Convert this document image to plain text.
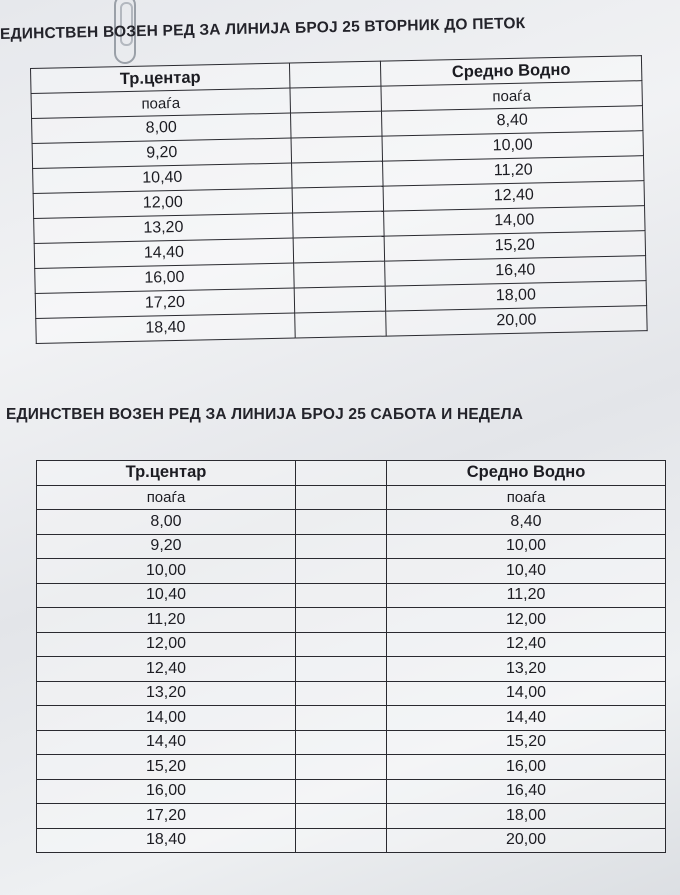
ЕДИНСТВЕН ВОЗЕН РЕД ЗА ЛИНИЈА БРОЈ 25 ВТОРНИК ДО ПЕТОК
Тр.центар		Средно Водно
поаѓа		поаѓа
8,00		8,40
9,20		10,00
10,40		11,20
12,00		12,40
13,20		14,00
14,40		15,20
16,00		16,40
17,20		18,00
18,40		20,00
ЕДИНСТВЕН ВОЗЕН РЕД ЗА ЛИНИЈА БРОЈ 25 САБОТА И НЕДЕЛА
Тр.центар		Средно Водно
поаѓа		поаѓа
8,00		8,40
9,20		10,00
10,00		10,40
10,40		11,20
11,20		12,00
12,00		12,40
12,40		13,20
13,20		14,00
14,00		14,40
14,40		15,20
15,20		16,00
16,00		16,40
17,20		18,00
18,40		20,00
